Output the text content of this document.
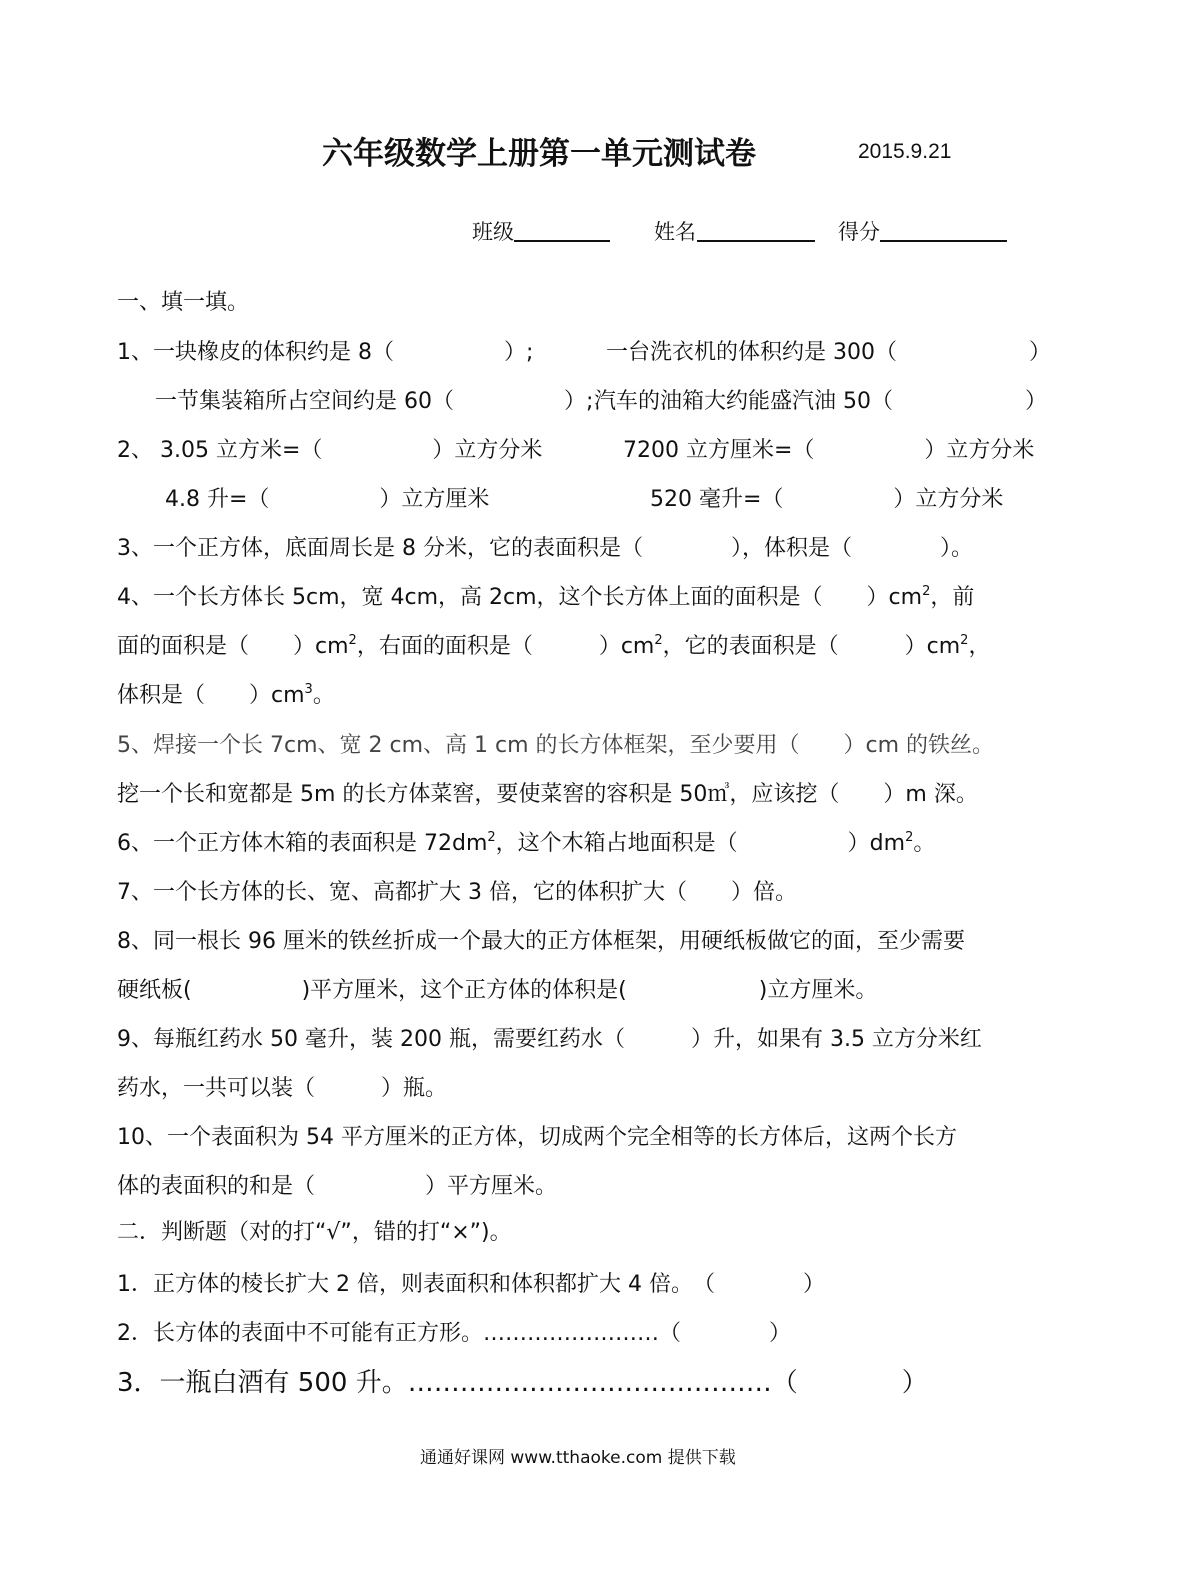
六年级数学上册第一单元测试卷	2015.9.21
班级	姓名	得分
一、填一填。
1、一块橡皮的体积约是 8（　　　　　）;	一台洗衣机的体积约是 300（　　　　　　）
一节集装箱所占空间约是 60（　　　　　）; 汽车的油箱大约能盛汽油 50（　　　　　　）
2、 3.05 立方米=（　　　　　）立方分米	7200 立方厘米=（　　　　　）立方分米
4.8 升=（　　　　　）立方厘米	520 毫升=（　　　　　）立方分米
3、一个正方体，底面周长是 8 分米，它的表面积是（　　　　），体积是（　　　　）。
4、一个长方体长 5cm，宽 4cm，高 2cm，这个长方体上面的面积是（　　）$cm^2$，前
面的面积是（　　）$cm^2$，右面的面积是（　　　）$cm^2$，它的表面积是（　　　）$cm^2$，
体积是（　　）$cm^3$。
5、焊接一个长 7cm、宽 2 cm、高 1 cm 的长方体框架，至少要用（　　）cm 的铁丝。
挖一个长和宽都是 5m 的长方体菜窖，要使菜窖的容积是 50㎥，应该挖（　　）m 深。
6、一个正方体木箱的表面积是 $72dm^2$，这个木箱占地面积是（　　　　　）$dm^2$。
7、一个长方体的长、宽、高都扩大 3 倍，它的体积扩大（　　）倍。
8、同一根长 96 厘米的铁丝折成一个最大的正方体框架，用硬纸板做它的面，至少需要
硬纸板(　　　　　)平方厘米，这个正方体的体积是(　　　　　　)立方厘米。
9、每瓶红药水 50 毫升，装 200 瓶，需要红药水（　　　）升，如果有 3.5 立方分米红
药水，一共可以装（　　　）瓶。
10、一个表面积为 54 平方厘米的正方体，切成两个完全相等的长方体后，这两个长方
体的表面积的和是（　　　　　）平方厘米。
二．判断题（对的打“√”，错的打“×”)。
1．正方体的棱长扩大 2 倍，则表面积和体积都扩大 4 倍。　（　　　　）
2．长方体的表面中不可能有正方形。……………………（　　　　）
3．一瓶白酒有 500 升。……………………………………（　　　　）
通通好课网 www.tthaoke.com 提供下载
